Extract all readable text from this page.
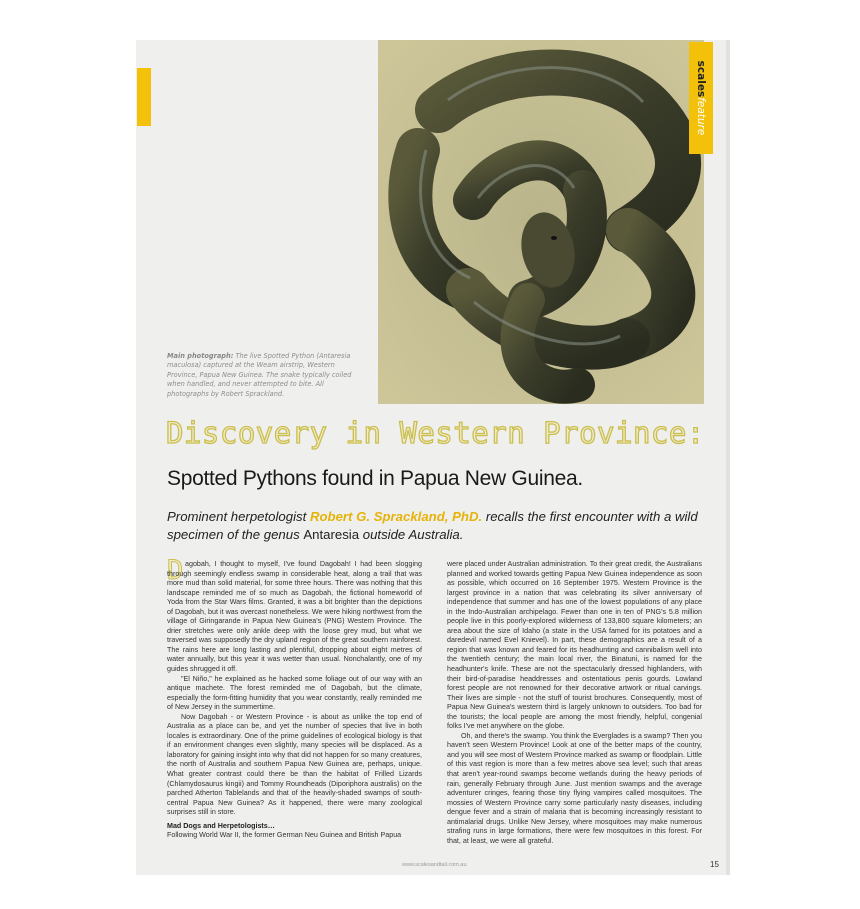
scalesfeature
Main photograph: The live Spotted Python (Antaresia maculosa) captured at the Weam airstrip, Western Province, Papua New Guinea. The snake typically coiled when handled, and never attempted to bite. All photographs by Robert Sprackland.
Discovery in Western Province:
Spotted Pythons found in Papua New Guinea.
Prominent herpetologist Robert G. Sprackland, PhD. recalls the first encounter with a wild specimen of the genus Antaresia outside Australia.
D agobah, I thought to myself, I've found Dagobah! I had been slogging through seemingly endless swamp in considerable heat, along a trail that was more mud than solid material, for some three hours. There was nothing that this landscape reminded me of so much as Dagobah, the fictional homeworld of Yoda from the Star Wars films. Granted, it was a bit brighter than the depictions of Dagobah, but it was overcast nonetheless. We were hiking northwest from the village of Giringarande in Papua New Guinea's (PNG) Western Province. The drier stretches were only ankle deep with the loose grey mud, but what we traversed was supposedly the dry upland region of the great southern rainforest. The rains here are long lasting and plentiful, dropping about eight metres of water annually, but this year it was wetter than usual. Nonchalantly, one of my guides shrugged it off.

"El Niño," he explained as he hacked some foliage out of our way with an antique machete. The forest reminded me of Dagobah, but the climate, especially the form-fitting humidity that you wear constantly, really reminded me of New Jersey in the summertime.

Now Dagobah - or Western Province - is about as unlike the top end of Australia as a place can be, and yet the number of species that live in both locales is extraordinary. One of the prime guidelines of ecological biology is that if an environment changes even slightly, many species will be displaced. As a laboratory for gaining insight into why that did not happen for so many creatures, the north of Australia and southern Papua New Guinea are, perhaps, unique. What greater contrast could there be than the habitat of Frilled Lizards (Chlamydosaurus kingii) and Tommy Roundheads (Diporiphora australis) on the parched Atherton Tablelands and that of the heavily-shaded swamps of south-central Papua New Guinea? As it happened, there were many zoological surprises still in store.

Mad Dogs and Herpetologists…

Following World War II, the former German Neu Guinea and British Papua

were placed under Australian administration. To their great credit, the Australians planned and worked towards getting Papua New Guinea independence as soon as possible, which occurred on 16 September 1975. Western Province is the largest province in a nation that was celebrating its silver anniversary of independence that summer and has one of the lowest populations of any place in the Indo-Australian archipelago. Fewer than one in ten of PNG's 5.8 million people live in this poorly-explored wilderness of 133,800 square kilometers; an area about the size of Idaho (a state in the USA famed for its potatoes and a daredevil named Evel Knievel). In part, these demographics are a result of a region that was known and feared for its headhunting and cannibalism well into the twentieth century; the main local river, the Binatuni, is named for the headhunter's knife. These are not the spectacularly dressed highlanders, with their bird-of-paradise headdresses and ostentatious penis gourds. Lowland forest people are not renowned for their decorative artwork or ritual carvings. Their lives are simple - not the stuff of tourist brochures. Consequently, most of Papua New Guinea's western third is largely unknown to outsiders. Too bad for the tourists; the local people are among the most friendly, helpful, congenial folks I've met anywhere on the globe.

Oh, and there's the swamp. You think the Everglades is a swamp? Then you haven't seen Western Province! Look at one of the better maps of the country, and you will see most of Western Province marked as swamp or floodplain. Little of this vast region is more than a few metres above sea level; such that areas that aren't year-round swamps become wetlands during the heavy periods of rain, generally February through June. Just mention swamps and the average adventurer cringes, fearing those tiny flying vampires called mosquitoes. The mossies of Western Province carry some particularly nasty diseases, including dengue fever and a strain of malaria that is becoming increasingly resistant to antimalarial drugs. Unlike New Jersey, where mosquitoes may make numerous strafing runs in large formations, there were few mosquitoes in this forest. For that, at least, we were all grateful.

www.scalesandtail.com.au	15
